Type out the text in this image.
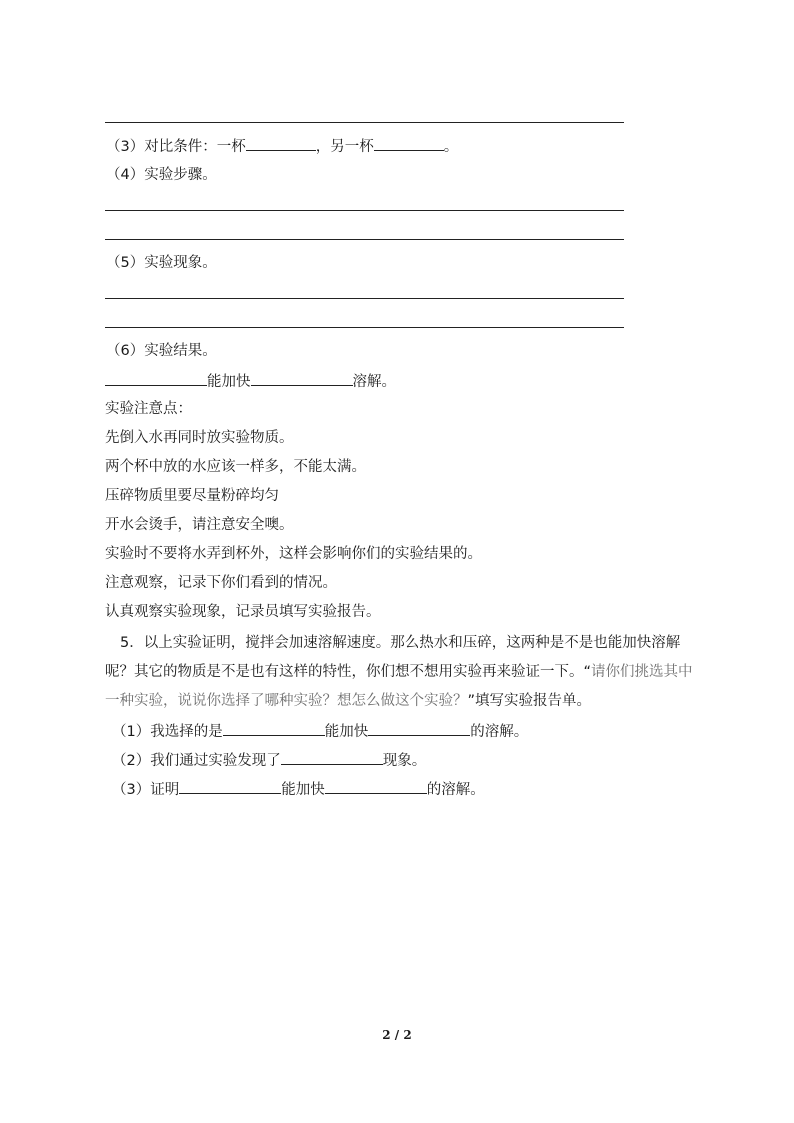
（3）对比条件：一杯	，另一杯	。
（4）实验步骤。
（5）实验现象。
（6）实验结果。
能加快	溶解。
实验注意点：
先倒入水再同时放实验物质。
两个杯中放的水应该一样多，不能太满。
压碎物质里要尽量粉碎均匀
开水会烫手，请注意安全噢。
实验时不要将水弄到杯外，这样会影响你们的实验结果的。
注意观察，记录下你们看到的情况。
认真观察实验现象，记录员填写实验报告。
5．以上实验证明，搅拌会加速溶解速度。那么热水和压碎，这两种是不是也能加快溶解
呢？其它的物质是不是也有这样的特性，你们想不想用实验再来验证一下。“请你们挑选其中
一种实验，说说你选择了哪种实验？想怎么做这个实验？”填写实验报告单。
（1）我选择的是	能加快	的溶解。
（2）我们通过实验发现了	现象。
（3）证明	能加快	的溶解。
2 / 2
